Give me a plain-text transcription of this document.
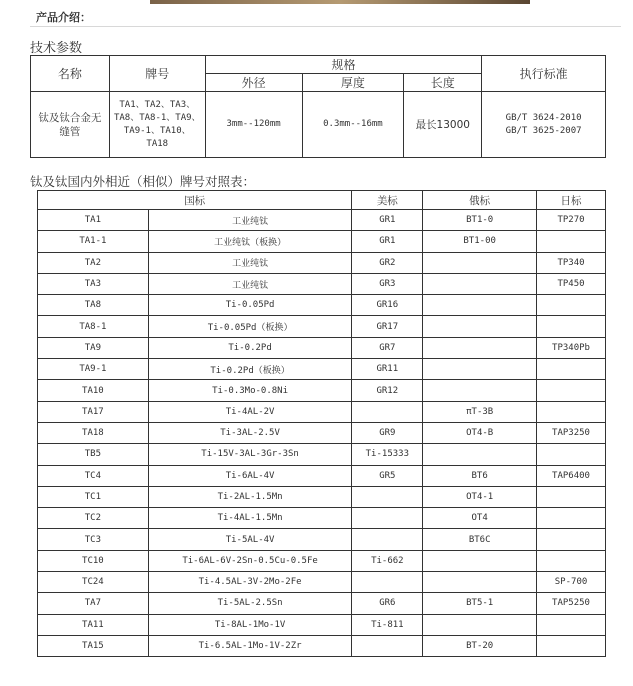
产品介绍：
技术参数
名称	牌号	规格			执行标准
		外径	厚度	长度	
钛及钛合金无缝管	TA1、TA2、TA3、TA8、TA8-1、TA9、TA9-1、TA10、TA18	3mm--120mm	0.3mm--16mm	最长13000	GB/T 3624-2010
GB/T 3625-2007
钛及钛国内外相近（相似）牌号对照表：
国标		美标	俄标	日标
TA1	工业纯钛	GR1	BT1-0	TP270
TA1-1	工业纯钛（板换）	GR1	BT1-00	
TA2	工业纯钛	GR2		TP340
TA3	工业纯钛	GR3		TP450
TA8	Ti-0.05Pd	GR16		
TA8-1	Ti-0.05Pd（板换）	GR17		
TA9	Ti-0.2Pd	GR7		TP340Pb
TA9-1	Ti-0.2Pd（板换）	GR11		
TA10	Ti-0.3Mo-0.8Ni	GR12		
TA17	Ti-4AL-2V		πT-3B	
TA18	Ti-3AL-2.5V	GR9	OT4-B	TAP3250
TB5	Ti-15V-3AL-3Gr-3Sn	Ti-15333		
TC4	Ti-6AL-4V	GR5	BT6	TAP6400
TC1	Ti-2AL-1.5Mn		OT4-1	
TC2	Ti-4AL-1.5Mn		OT4	
TC3	Ti-5AL-4V		BT6C	
TC10	Ti-6AL-6V-2Sn-0.5Cu-0.5Fe	Ti-662		
TC24	Ti-4.5AL-3V-2Mo-2Fe			SP-700
TA7	Ti-5AL-2.5Sn	GR6	BT5-1	TAP5250
TA11	Ti-8AL-1Mo-1V	Ti-811		
TA15	Ti-6.5AL-1Mo-1V-2Zr		BT-20	
